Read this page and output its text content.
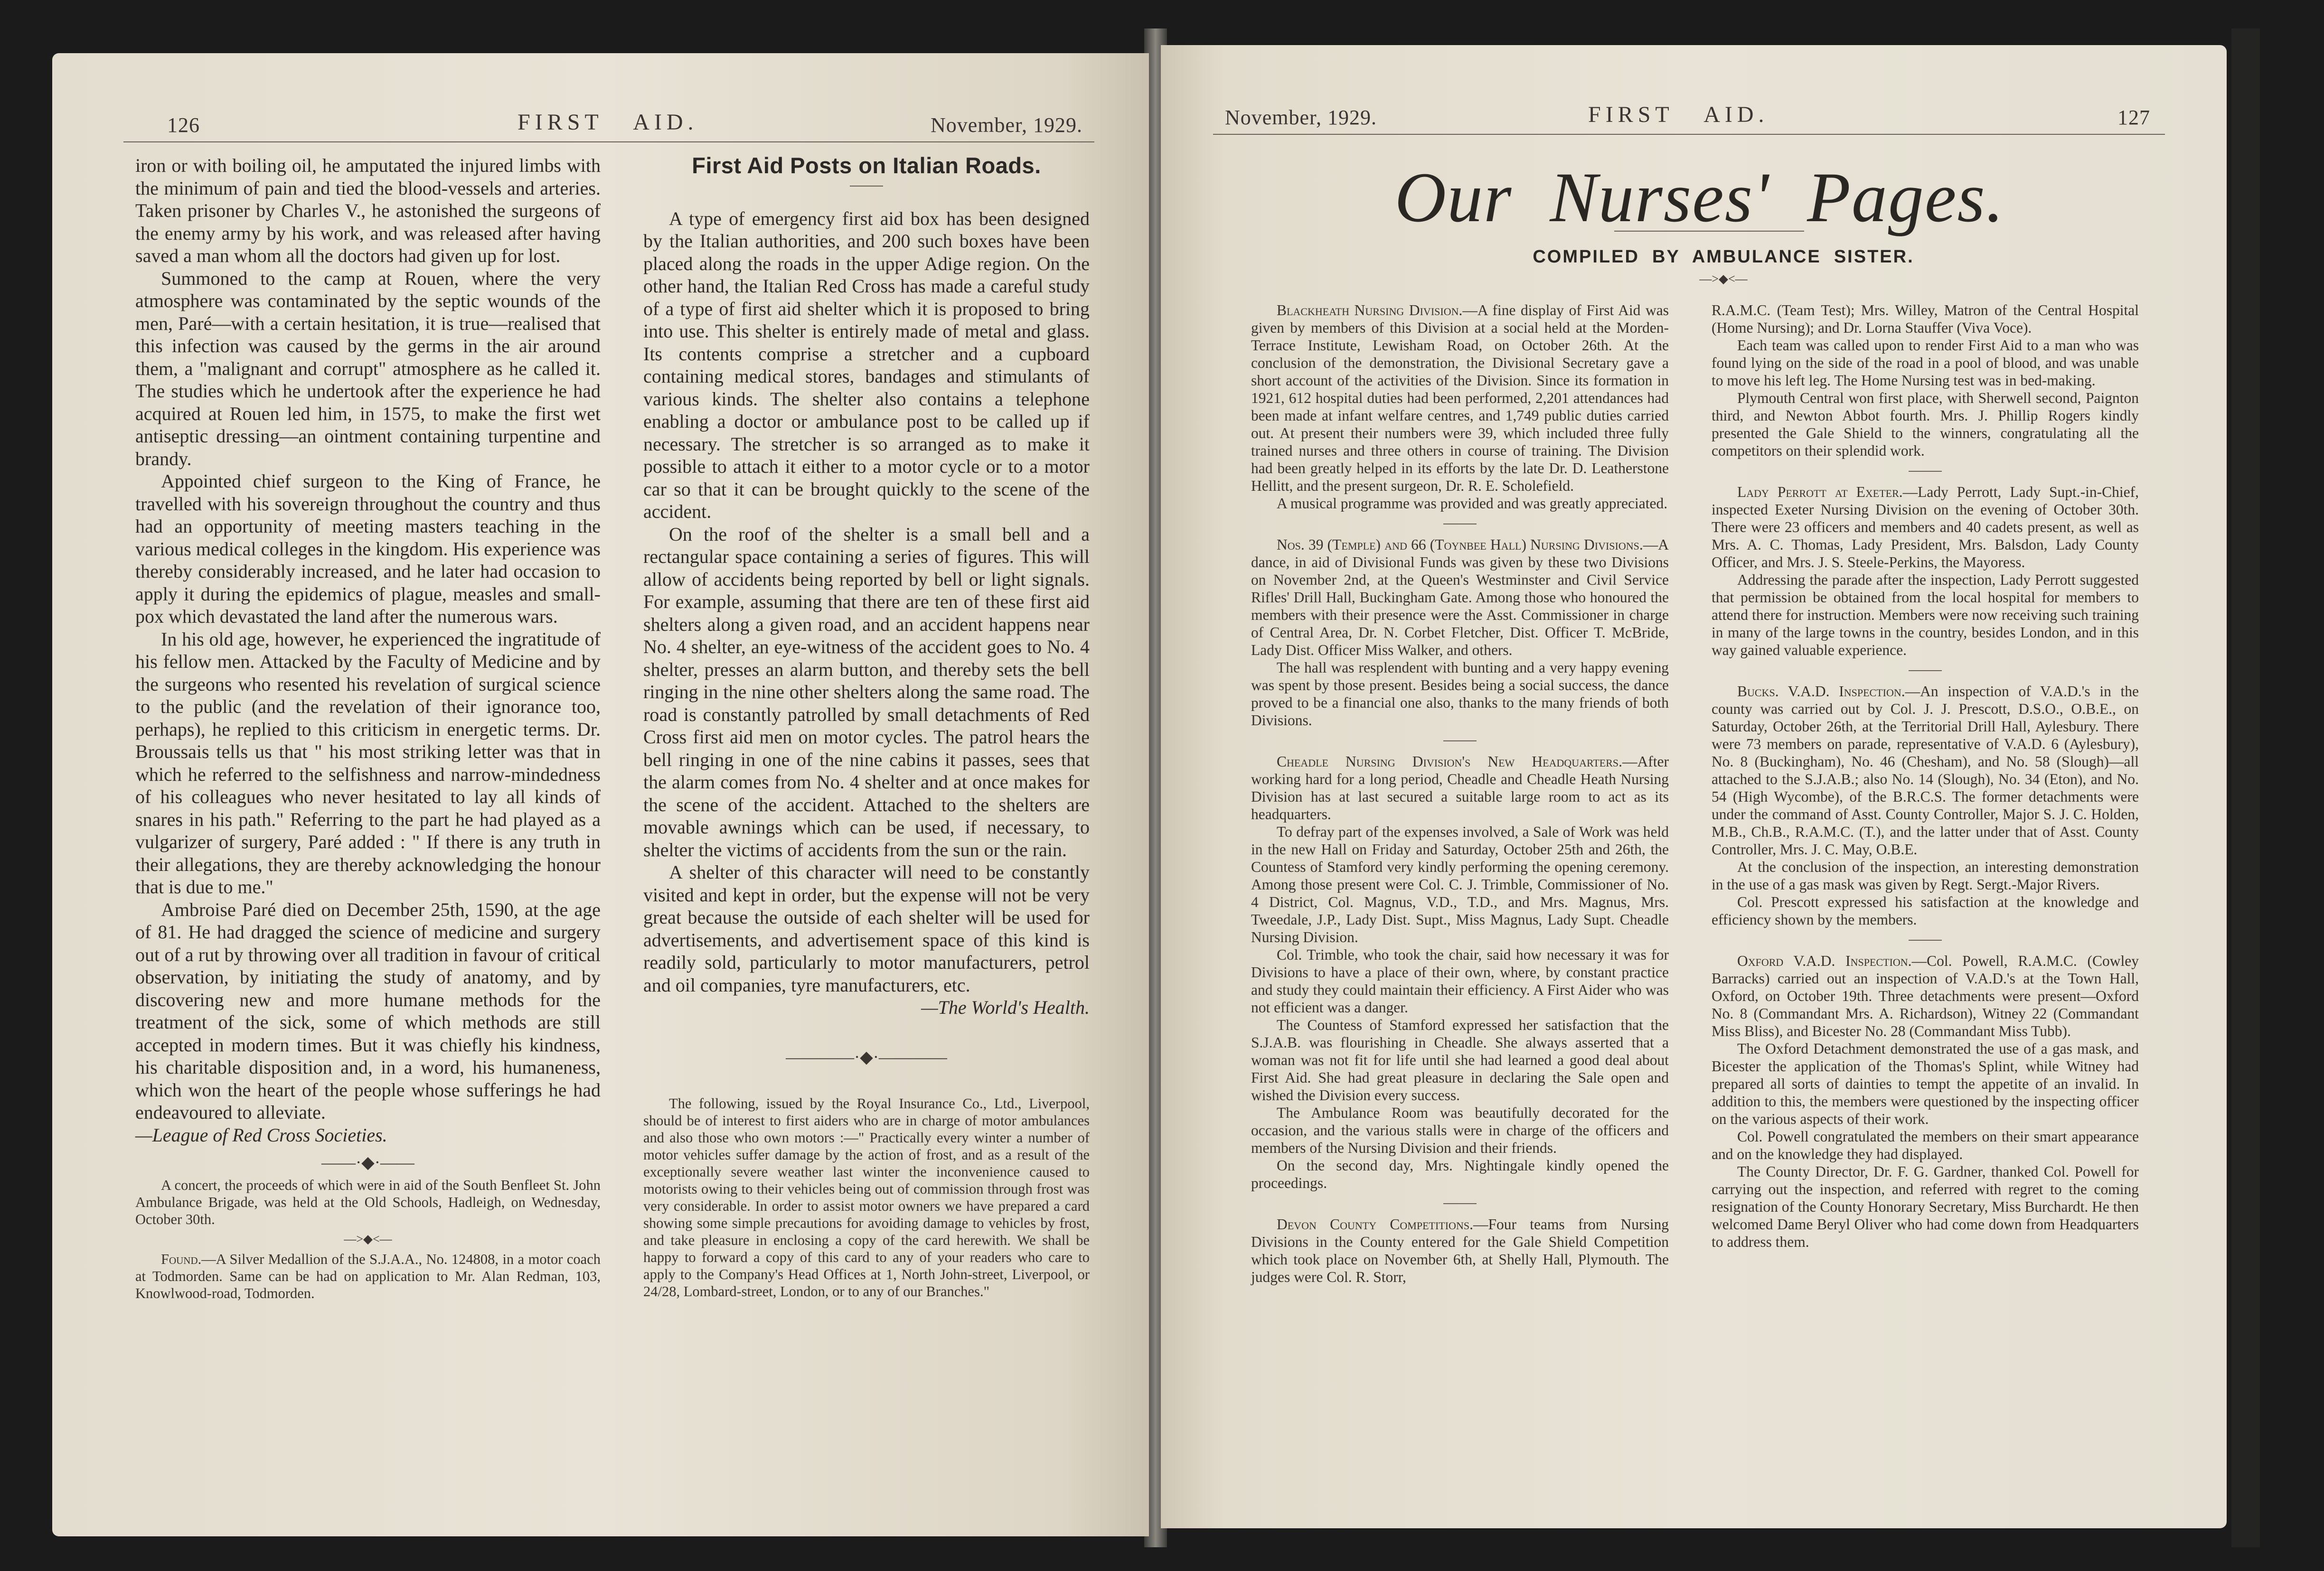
126	FIRST   AID.	November, 1929.

iron or with boiling oil, he amputated the injured limbs with the minimum of pain and tied the blood-vessels and arteries. Taken prisoner by Charles V., he astonished the surgeons of the enemy army by his work, and was released after having saved a man whom all the doctors had given up for lost.

Summoned to the camp at Rouen, where the very atmosphere was contaminated by the septic wounds of the men, Paré—with a certain hesitation, it is true—realised that this infection was caused by the germs in the air around them, a "malignant and corrupt" atmosphere as he called it. The studies which he undertook after the experience he had acquired at Rouen led him, in 1575, to make the first wet antiseptic dressing—an ointment containing turpentine and brandy.

Appointed chief surgeon to the King of France, he travelled with his sovereign throughout the country and thus had an opportunity of meeting masters teaching in the various medical colleges in the kingdom. His experience was thereby considerably increased, and he later had occasion to apply it during the epidemics of plague, measles and small-pox which devastated the land after the numerous wars.

In his old age, however, he experienced the ingratitude of his fellow men. Attacked by the Faculty of Medicine and by the surgeons who resented his revelation of surgical science to the public (and the revelation of their ignorance too, perhaps), he replied to this criticism in energetic terms. Dr. Broussais tells us that " his most striking letter was that in which he referred to the selfishness and narrow-mindedness of his colleagues who never hesitated to lay all kinds of snares in his path." Referring to the part he had played as a vulgarizer of surgery, Paré added : " If there is any truth in their allegations, they are thereby acknowledging the honour that is due to me."

Ambroise Paré died on December 25th, 1590, at the age of 81. He had dragged the science of medicine and surgery out of a rut by throwing over all tradition in favour of critical observation, by initiating the study of anatomy, and by discovering new and more humane methods for the treatment of the sick, some of which methods are still accepted in modern times. But it was chiefly his kindness, his charitable disposition and, in a word, his humaneness, which won the heart of the people whose sufferings he had endeavoured to alleviate.

—League of Red Cross Societies.

——·◆·——

A concert, the proceeds of which were in aid of the South Benfleet St. John Ambulance Brigade, was held at the Old Schools, Hadleigh, on Wednesday, October 30th.

—>◆<—

Found.—A Silver Medallion of the S.J.A.A., No. 124808, in a motor coach at Todmorden. Same can be had on application to Mr. Alan Redman, 103, Knowlwood-road, Todmorden.

First Aid Posts on Italian Roads.

A type of emergency first aid box has been designed by the Italian authorities, and 200 such boxes have been placed along the roads in the upper Adige region. On the other hand, the Italian Red Cross has made a careful study of a type of first aid shelter which it is proposed to bring into use. This shelter is entirely made of metal and glass. Its contents comprise a stretcher and a cupboard containing medical stores, bandages and stimulants of various kinds. The shelter also contains a telephone enabling a doctor or ambulance post to be called up if necessary. The stretcher is so arranged as to make it possible to attach it either to a motor cycle or to a motor car so that it can be brought quickly to the scene of the accident.

On the roof of the shelter is a small bell and a rectangular space containing a series of figures. This will allow of accidents being reported by bell or light signals. For example, assuming that there are ten of these first aid shelters along a given road, and an accident happens near No. 4 shelter, an eye-witness of the accident goes to No. 4 shelter, presses an alarm button, and thereby sets the bell ringing in the nine other shelters along the same road. The road is constantly patrolled by small detachments of Red Cross first aid men on motor cycles. The patrol hears the bell ringing in one of the nine cabins it passes, sees that the alarm comes from No. 4 shelter and at once makes for the scene of the accident. Attached to the shelters are movable awnings which can be used, if necessary, to shelter the victims of accidents from the sun or the rain.

A shelter of this character will need to be constantly visited and kept in order, but the expense will not be very great because the outside of each shelter will be used for advertisements, and advertisement space of this kind is readily sold, particularly to motor manufacturers, petrol and oil companies, tyre manufacturers, etc.

—The World's Health.

————·◆·————

The following, issued by the Royal Insurance Co., Ltd., Liverpool, should be of interest to first aiders who are in charge of motor ambulances and also those who own motors :—" Practically every winter a number of motor vehicles suffer damage by the action of frost, and as a result of the exceptionally severe weather last winter the inconvenience caused to motorists owing to their vehicles being out of commission through frost was very considerable. In order to assist motor owners we have prepared a card showing some simple precautions for avoiding damage to vehicles by frost, and take pleasure in enclosing a copy of the card herewith. We shall be happy to forward a copy of this card to any of your readers who care to apply to the Company's Head Offices at 1, North John-street, Liverpool, or 24/28, Lombard-street, London, or to any of our Branches."

November, 1929.	FIRST   AID.	127
Our  Nurses'  Pages.
COMPILED  BY  AMBULANCE  SISTER.
—>◆<—

Blackheath Nursing Division.—A fine display of First Aid was given by members of this Division at a social held at the Morden-Terrace Institute, Lewisham Road, on October 26th. At the conclusion of the demonstration, the Divisional Secretary gave a short account of the activities of the Division. Since its formation in 1921, 612 hospital duties had been performed, 2,201 attendances had been made at infant welfare centres, and 1,749 public duties carried out. At present their numbers were 39, which included three fully trained nurses and three others in course of training. The Division had been greatly helped in its efforts by the late Dr. D. Leatherstone Hellitt, and the present surgeon, Dr. R. E. Scholefield.

A musical programme was provided and was greatly appreciated.

Nos. 39 (Temple) and 66 (Toynbee Hall) Nursing Divisions.—A dance, in aid of Divisional Funds was given by these two Divisions on November 2nd, at the Queen's Westminster and Civil Service Rifles' Drill Hall, Buckingham Gate. Among those who honoured the members with their presence were the Asst. Commissioner in charge of Central Area, Dr. N. Corbet Fletcher, Dist. Officer T. McBride, Lady Dist. Officer Miss Walker, and others.

The hall was resplendent with bunting and a very happy evening was spent by those present. Besides being a social success, the dance proved to be a financial one also, thanks to the many friends of both Divisions.

Cheadle Nursing Division's New Headquarters.—After working hard for a long period, Cheadle and Cheadle Heath Nursing Division has at last secured a suitable large room to act as its headquarters.

To defray part of the expenses involved, a Sale of Work was held in the new Hall on Friday and Saturday, October 25th and 26th, the Countess of Stamford very kindly performing the opening ceremony. Among those present were Col. C. J. Trimble, Commissioner of No. 4 District, Col. Magnus, V.D., T.D., and Mrs. Magnus, Mrs. Tweedale, J.P., Lady Dist. Supt., Miss Magnus, Lady Supt. Cheadle Nursing Division.

Col. Trimble, who took the chair, said how necessary it was for Divisions to have a place of their own, where, by constant practice and study they could maintain their efficiency. A First Aider who was not efficient was a danger.

The Countess of Stamford expressed her satisfaction that the S.J.A.B. was flourishing in Cheadle. She always asserted that a woman was not fit for life until she had learned a good deal about First Aid. She had great pleasure in declaring the Sale open and wished the Division every success.

The Ambulance Room was beautifully decorated for the occasion, and the various stalls were in charge of the officers and members of the Nursing Division and their friends.

On the second day, Mrs. Nightingale kindly opened the proceedings.

Devon County Competitions.—Four teams from Nursing Divisions in the County entered for the Gale Shield Competition which took place on November 6th, at Shelly Hall, Plymouth. The judges were Col. R. Storr,

R.A.M.C. (Team Test); Mrs. Willey, Matron of the Central Hospital (Home Nursing); and Dr. Lorna Stauffer (Viva Voce).

Each team was called upon to render First Aid to a man who was found lying on the side of the road in a pool of blood, and was unable to move his left leg. The Home Nursing test was in bed-making.

Plymouth Central won first place, with Sherwell second, Paignton third, and Newton Abbot fourth. Mrs. J. Phillip Rogers kindly presented the Gale Shield to the winners, congratulating all the competitors on their splendid work.

Lady Perrott at Exeter.—Lady Perrott, Lady Supt.-in-Chief, inspected Exeter Nursing Division on the evening of October 30th. There were 23 officers and members and 40 cadets present, as well as Mrs. A. C. Thomas, Lady President, Mrs. Balsdon, Lady County Officer, and Mrs. J. S. Steele-Perkins, the Mayoress.

Addressing the parade after the inspection, Lady Perrott suggested that permission be obtained from the local hospital for members to attend there for instruction. Members were now receiving such training in many of the large towns in the country, besides London, and in this way gained valuable experience.

Bucks. V.A.D. Inspection.—An inspection of V.A.D.'s in the county was carried out by Col. J. J. Prescott, D.S.O., O.B.E., on Saturday, October 26th, at the Territorial Drill Hall, Aylesbury. There were 73 members on parade, representative of V.A.D. 6 (Aylesbury), No. 8 (Buckingham), No. 46 (Chesham), and No. 58 (Slough)—all attached to the S.J.A.B.; also No. 14 (Slough), No. 34 (Eton), and No. 54 (High Wycombe), of the B.R.C.S. The former detachments were under the command of Asst. County Controller, Major S. J. C. Holden, M.B., Ch.B., R.A.M.C. (T.), and the latter under that of Asst. County Controller, Mrs. J. C. May, O.B.E.

At the conclusion of the inspection, an interesting demonstration in the use of a gas mask was given by Regt. Sergt.-Major Rivers.

Col. Prescott expressed his satisfaction at the knowledge and efficiency shown by the members.

Oxford V.A.D. Inspection.—Col. Powell, R.A.M.C. (Cowley Barracks) carried out an inspection of V.A.D.'s at the Town Hall, Oxford, on October 19th. Three detachments were present—Oxford No. 8 (Commandant Mrs. A. Richardson), Witney 22 (Commandant Miss Bliss), and Bicester No. 28 (Commandant Miss Tubb).

The Oxford Detachment demonstrated the use of a gas mask, and Bicester the application of the Thomas's Splint, while Witney had prepared all sorts of dainties to tempt the appetite of an invalid. In addition to this, the members were questioned by the inspecting officer on the various aspects of their work.

Col. Powell congratulated the members on their smart appearance and on the knowledge they had displayed.

The County Director, Dr. F. G. Gardner, thanked Col. Powell for carrying out the inspection, and referred with regret to the coming resignation of the County Honorary Secretary, Miss Burchardt. He then welcomed Dame Beryl Oliver who had come down from Headquarters to address them.
